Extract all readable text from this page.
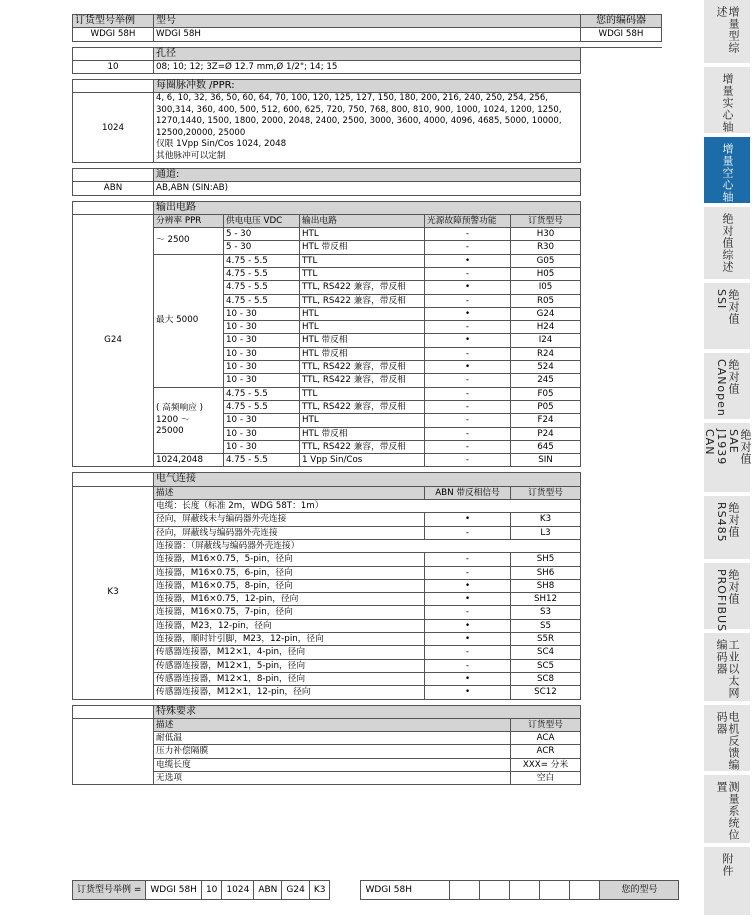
订货型号举例	型号					您的编码器
WDGI 58H	WDGI 58H					WDGI 58H

	孔径					
10	08; 10; 12; 3Z=Ø 12.7 mm,Ø 1/2"; 14; 15					

	每圈脉冲数 /PPR:					
1024	4, 6, 10, 32, 36, 50, 60, 64, 70, 100, 120, 125, 127, 150, 180, 200, 216, 240, 250, 254, 256, 300,314, 360, 400, 500, 512, 600, 625, 720, 750, 768, 800, 810, 900, 1000, 1024, 1200, 1250, 1270,1440, 1500, 1800, 2000, 2048, 2400, 2500, 3000, 3600, 4000, 4096, 4685, 5000, 10000, 12500,20000, 25000
仅限 1Vpp Sin/Cos 1024, 2048
其他脉冲可以定制					

	通道:					
ABN	AB,ABN (SIN:AB)					

	输出电路					
G24	分辨率 PPR	供电电压 VDC	输出电路	光源故障预警功能	订货型号	
	～ 2500	5 - 30	HTL	-	H30	
		5 - 30	HTL 带反相	-	R30	
	最大 5000	4.75 - 5.5	TTL	•	G05	
		4.75 - 5.5	TTL	-	H05	
		4.75 - 5.5	TTL, RS422 兼容，带反相	•	I05	
		4.75 - 5.5	TTL, RS422 兼容，带反相	-	R05	
		10 - 30	HTL	•	G24	
		10 - 30	HTL	-	H24	
		10 - 30	HTL 带反相	•	I24	
		10 - 30	HTL 带反相	-	R24	
		10 - 30	TTL, RS422 兼容，带反相	•	524	
		10 - 30	TTL, RS422 兼容，带反相	-	245	

	( 高频响应 )
1200 ～
25000	4.75 - 5.5	TTL	-	F05	
		4.75 - 5.5	TTL, RS422 兼容，带反相	-	P05	
		10 - 30	HTL	-	F24	
		10 - 30	HTL 带反相	-	P24	
		10 - 30	TTL, RS422 兼容，带反相	-	645	
	1024,2048	4.75 - 5.5	1 Vpp Sin/Cos	-	SIN	

	电气连接					
K3	描述			ABN 带反相信号	订货型号	
	电缆：长度（标准 2m，WDG 58T：1m）					
	径向，屏蔽线未与编码器外壳连接			•	K3	
	径向，屏蔽线与编码器外壳连接			-	L3	
	连接器：（屏蔽线与编码器外壳连接）					
	连接器，M16×0.75，5-pin，径向			-	SH5	
	连接器，M16×0.75，6-pin，径向			-	SH6	
	连接器，M16×0.75，8-pin，径向			•	SH8	
	连接器，M16×0.75，12-pin，径向			•	SH12	
	连接器，M16×0.75，7-pin，径向			-	S3	
	连接器，M23，12-pin，径向			•	S5	
	连接器，顺时针引脚，M23，12-pin，径向			•	S5R	
	传感器连接器，M12×1，4-pin，径向			-	SC4	
	传感器连接器，M12×1，5-pin，径向			-	SC5	
	传感器连接器，M12×1，8-pin，径向			•	SC8	
	传感器连接器，M12×1，12-pin，径向			•	SC12	

	特殊要求					
	描述				订货型号	
	耐低温				ACA	
	压力补偿隔膜				ACR	
	电缆长度				XXX= 分米	
	无选项				空白	
订货型号举例 =	WDGI 58H	10	1024	ABN	G24	K3		WDGI 58H						您的型号
增量型综述
增量实心轴
增量空心轴
绝对值综述
绝对值 SSI
绝对值 CANopen
绝对值 SAE J1939 CAN
绝对值 RS485
绝对值 PROFIBUS
工业以太网编码器
电机反馈编码器
测量系统位置
附件
